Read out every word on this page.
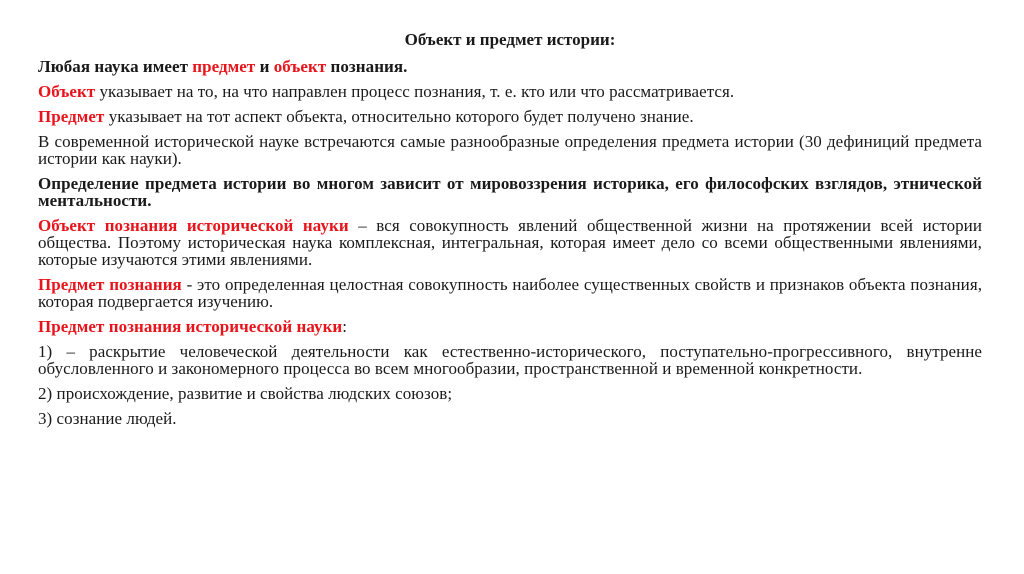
Объект и предмет истории:
Любая наука имеет предмет и объект познания.
Объект указывает на то, на что направлен процесс познания, т. е. кто или что рассматривается.
Предмет указывает на тот аспект объекта, относительно которого будет получено знание.
В современной исторической науке встречаются самые разнообразные определения предмета истории (30 дефиниций предмета истории как науки).
Определение предмета истории во многом зависит от мировоззрения историка, его философских взглядов, этнической ментальности.
Объект познания исторической науки – вся совокупность явлений общественной жизни на протяжении всей истории общества. Поэтому историческая наука комплексная, интегральная, которая имеет дело со всеми общественными явлениями, которые изучаются этими явлениями.
Предмет познания - это определенная целостная совокупность наиболее существенных свойств и признаков объекта познания, которая подвергается изучению.
Предмет познания исторической науки:
1) – раскрытие человеческой деятельности как естественно-исторического, поступательно-прогрессивного, внутренне обусловленного и закономерного процесса во всем многообразии, пространственной и временной конкретности.
2) происхождение, развитие и свойства людских союзов;
3) сознание людей.
